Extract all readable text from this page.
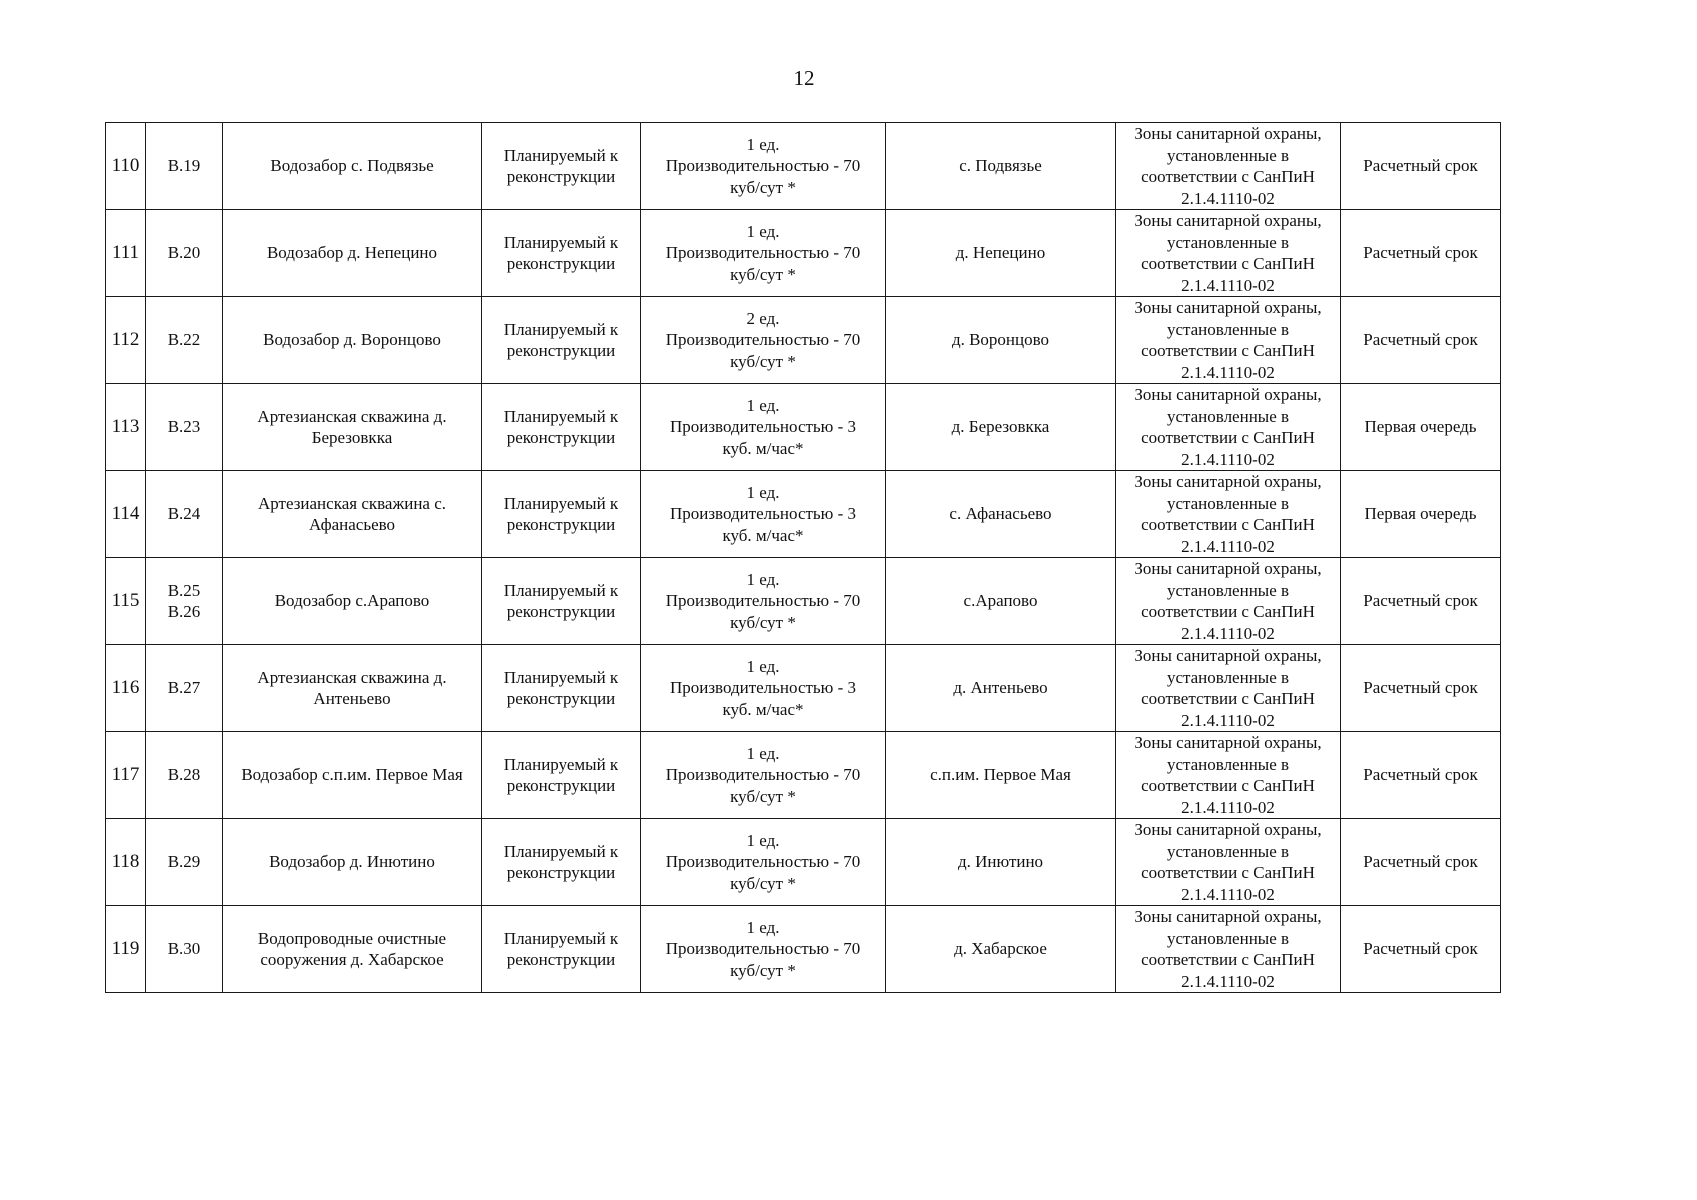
12
110	В.19	Водозабор с. Подвязье	Планируемый к
реконструкции	1 ед.
Производительностью - 70
куб/сут *	с. Подвязье	Зоны санитарной охраны,
установленные в
соответствии с СанПиН
2.1.4.1110-02	Расчетный срок

111	В.20	Водозабор д. Непецино	Планируемый к
реконструкции	1 ед.
Производительностью - 70
куб/сут *	д. Непецино	Зоны санитарной охраны,
установленные в
соответствии с СанПиН
2.1.4.1110-02	Расчетный срок

112	В.22	Водозабор д. Воронцово	Планируемый к
реконструкции	2 ед.
Производительностью - 70
куб/сут *	д. Воронцово	Зоны санитарной охраны,
установленные в
соответствии с СанПиН
2.1.4.1110-02	Расчетный срок

113	В.23	Артезианская скважина д.
Березовкка	Планируемый к
реконструкции	1 ед.
Производительностью - 3
куб. м/час*	д. Березовкка	Зоны санитарной охраны,
установленные в
соответствии с СанПиН
2.1.4.1110-02	Первая очередь

114	В.24	Артезианская скважина с.
Афанасьево	Планируемый к
реконструкции	1 ед.
Производительностью - 3
куб. м/час*	с. Афанасьево	Зоны санитарной охраны,
установленные в
соответствии с СанПиН
2.1.4.1110-02	Первая очередь

115	В.25
В.26	Водозабор с.Арапово	Планируемый к
реконструкции	1 ед.
Производительностью - 70
куб/сут *	с.Арапово	Зоны санитарной охраны,
установленные в
соответствии с СанПиН
2.1.4.1110-02	Расчетный срок

116	В.27	Артезианская скважина д.
Антеньево	Планируемый к
реконструкции	1 ед.
Производительностью - 3
куб. м/час*	д. Антеньево	Зоны санитарной охраны,
установленные в
соответствии с СанПиН
2.1.4.1110-02	Расчетный срок

117	В.28	Водозабор с.п.им. Первое Мая	Планируемый к
реконструкции	1 ед.
Производительностью - 70
куб/сут *	с.п.им. Первое Мая	Зоны санитарной охраны,
установленные в
соответствии с СанПиН
2.1.4.1110-02	Расчетный срок

118	В.29	Водозабор д. Инютино	Планируемый к
реконструкции	1 ед.
Производительностью - 70
куб/сут *	д. Инютино	Зоны санитарной охраны,
установленные в
соответствии с СанПиН
2.1.4.1110-02	Расчетный срок

119	В.30	Водопроводные очистные
сооружения д. Хабарское	Планируемый к
реконструкции	1 ед.
Производительностью - 70
куб/сут *	д. Хабарское	Зоны санитарной охраны,
установленные в
соответствии с СанПиН
2.1.4.1110-02	Расчетный срок
